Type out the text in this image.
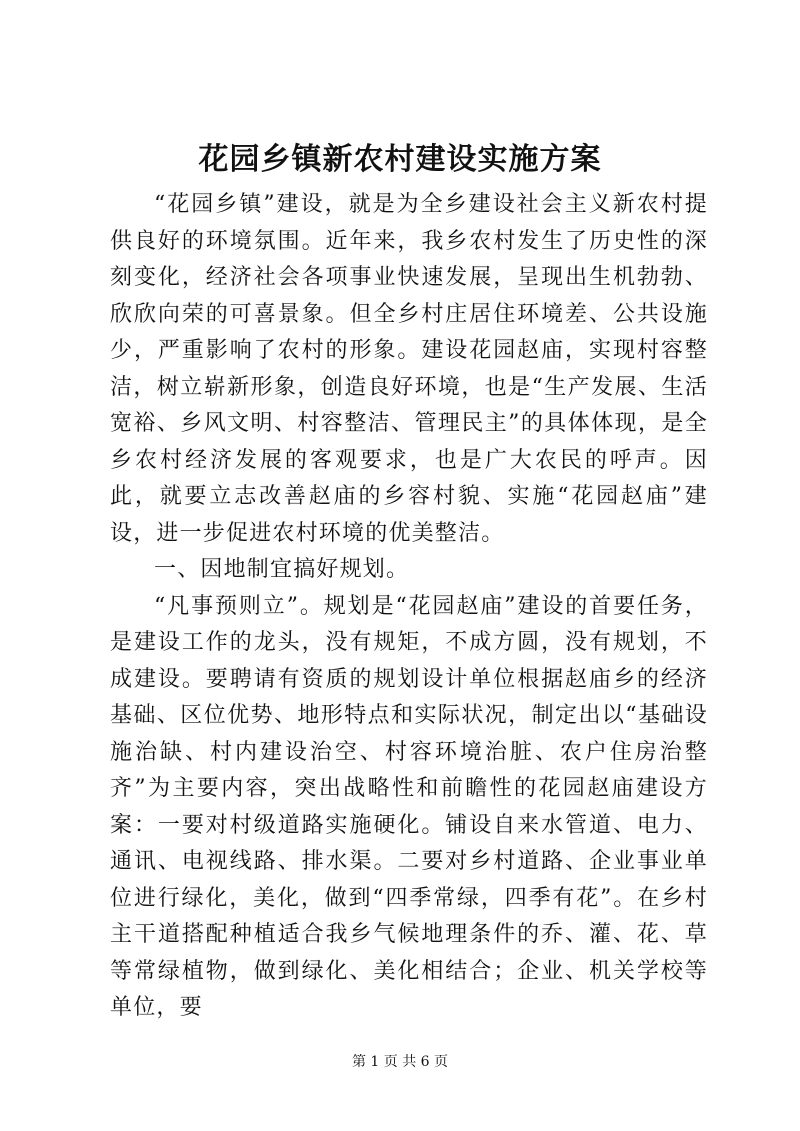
花园乡镇新农村建设实施方案

“花园乡镇”建设，就是为全乡建设社会主义新农村提供良好的环境氛围。近年来，我乡农村发生了历史性的深刻变化，经济社会各项事业快速发展，呈现出生机勃勃、欣欣向荣的可喜景象。但全乡村庄居住环境差、公共设施少，严重影响了农村的形象。建设花园赵庙，实现村容整洁，树立崭新形象，创造良好环境，也是“生产发展、生活宽裕、乡风文明、村容整洁、管理民主”的具体体现，是全乡农村经济发展的客观要求，也是广大农民的呼声。因此，就要立志改善赵庙的乡容村貌、实施“花园赵庙”建设，进一步促进农村环境的优美整洁。

一、因地制宜搞好规划。

“凡事预则立”。规划是“花园赵庙”建设的首要任务，是建设工作的龙头，没有规矩，不成方圆，没有规划，不成建设。要聘请有资质的规划设计单位根据赵庙乡的经济基础、区位优势、地形特点和实际状况，制定出以“基础设施治缺、村内建设治空、村容环境治脏、农户住房治整齐”为主要内容，突出战略性和前瞻性的花园赵庙建设方案：一要对村级道路实施硬化。铺设自来水管道、电力、通讯、电视线路、排水渠。二要对乡村道路、企业事业单位进行绿化，美化，做到“四季常绿，四季有花”。在乡村主干道搭配种植适合我乡气候地理条件的乔、灌、花、草等常绿植物，做到绿化、美化相结合；企业、机关学校等单位，要

第 1 页 共 6 页
